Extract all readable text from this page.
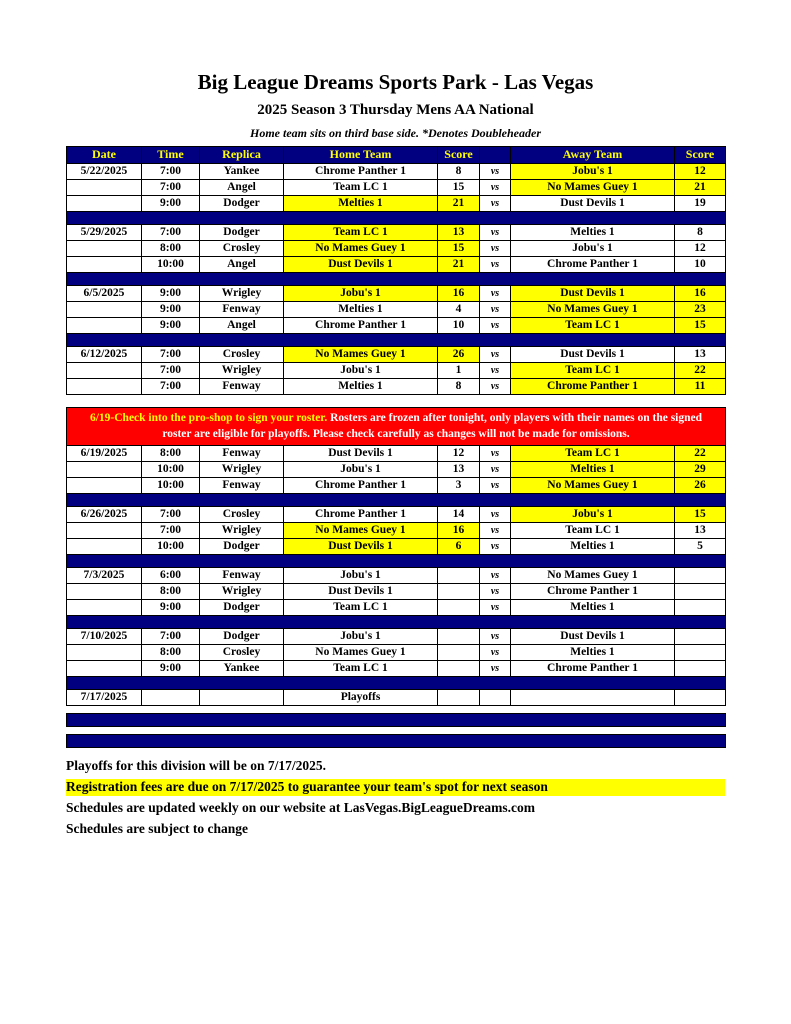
Big League Dreams Sports Park - Las Vegas
2025 Season 3 Thursday Mens AA National
Home team sits on third base side. *Denotes Doubleheader
Date	Time	Replica	Home Team	Score		Away Team	Score
5/22/2025	7:00	Yankee	Chrome Panther 1	8	vs	Jobu's 1	12
	7:00	Angel	Team LC 1	15	vs	No Mames Guey 1	21
	9:00	Dodger	Melties 1	21	vs	Dust Devils 1	19

5/29/2025	7:00	Dodger	Team LC 1	13	vs	Melties 1	8
	8:00	Crosley	No Mames Guey 1	15	vs	Jobu's 1	12
	10:00	Angel	Dust Devils 1	21	vs	Chrome Panther 1	10

6/5/2025	9:00	Wrigley	Jobu's 1	16	vs	Dust Devils 1	16
	9:00	Fenway	Melties 1	4	vs	No Mames Guey 1	23
	9:00	Angel	Chrome Panther 1	10	vs	Team LC 1	15

6/12/2025	7:00	Crosley	No Mames Guey 1	26	vs	Dust Devils 1	13
	7:00	Wrigley	Jobu's 1	1	vs	Team LC 1	22
	7:00	Fenway	Melties 1	8	vs	Chrome Panther 1	11

6/19-Check into the pro-shop to sign your roster. Rosters are frozen after tonight, only players with their names on the signed roster are eligible for playoffs. Please check carefully as changes will not be made for omissions.							
6/19/2025	8:00	Fenway	Dust Devils 1	12	vs	Team LC 1	22
	10:00	Wrigley	Jobu's 1	13	vs	Melties 1	29
	10:00	Fenway	Chrome Panther 1	3	vs	No Mames Guey 1	26

6/26/2025	7:00	Crosley	Chrome Panther 1	14	vs	Jobu's 1	15
	7:00	Wrigley	No Mames Guey 1	16	vs	Team LC 1	13
	10:00	Dodger	Dust Devils 1	6	vs	Melties 1	5

7/3/2025	6:00	Fenway	Jobu's 1		vs	No Mames Guey 1	
	8:00	Wrigley	Dust Devils 1		vs	Chrome Panther 1	
	9:00	Dodger	Team LC 1		vs	Melties 1	

7/10/2025	7:00	Dodger	Jobu's 1		vs	Dust Devils 1	
	8:00	Crosley	No Mames Guey 1		vs	Melties 1	
	9:00	Yankee	Team LC 1		vs	Chrome Panther 1	

7/17/2025			Playoffs				

Playoffs for this division will be on 7/17/2025.

Registration fees are due on 7/17/2025 to guarantee your team's spot for next season

Schedules are updated weekly on our website at LasVegas.BigLeagueDreams.com

Schedules are subject to change
